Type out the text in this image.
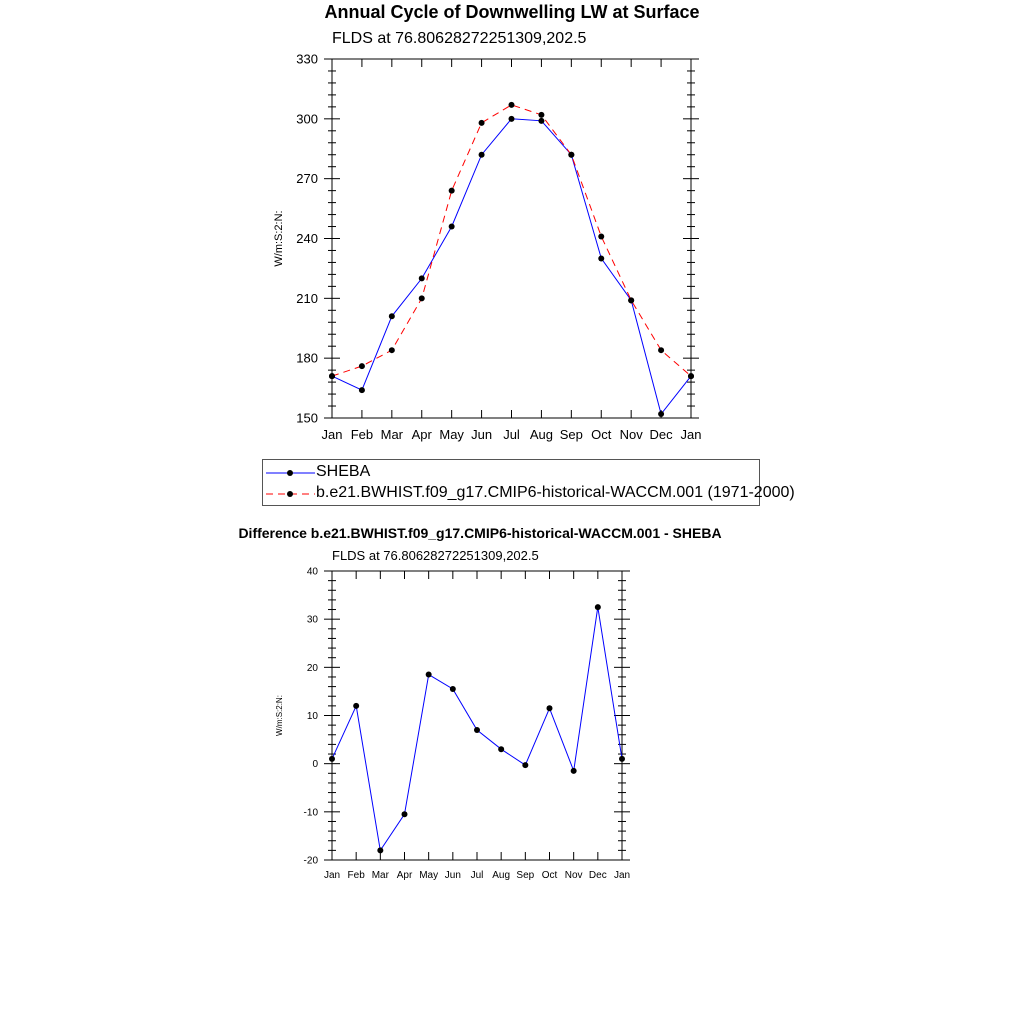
Annual Cycle of Downwelling LW at Surface
FLDS at 76.80628272251309,202.5
Jan Feb Mar Apr May Jun Jul Aug Sep Oct Nov Dec Jan
150
180
210
240
270
300
330
W/m:S:2:N:
SHEBA
b.e21.BWHIST.f09_g17.CMIP6-historical-WACCM.001 (1971-2000)
Difference b.e21.BWHIST.f09_g17.CMIP6-historical-WACCM.001 - SHEBA
FLDS at 76.80628272251309,202.5
Jan Feb Mar Apr May Jun Jul Aug Sep Oct Nov Dec Jan
-20
-10
0
10
20
30
40
W/m:S:2:N:
